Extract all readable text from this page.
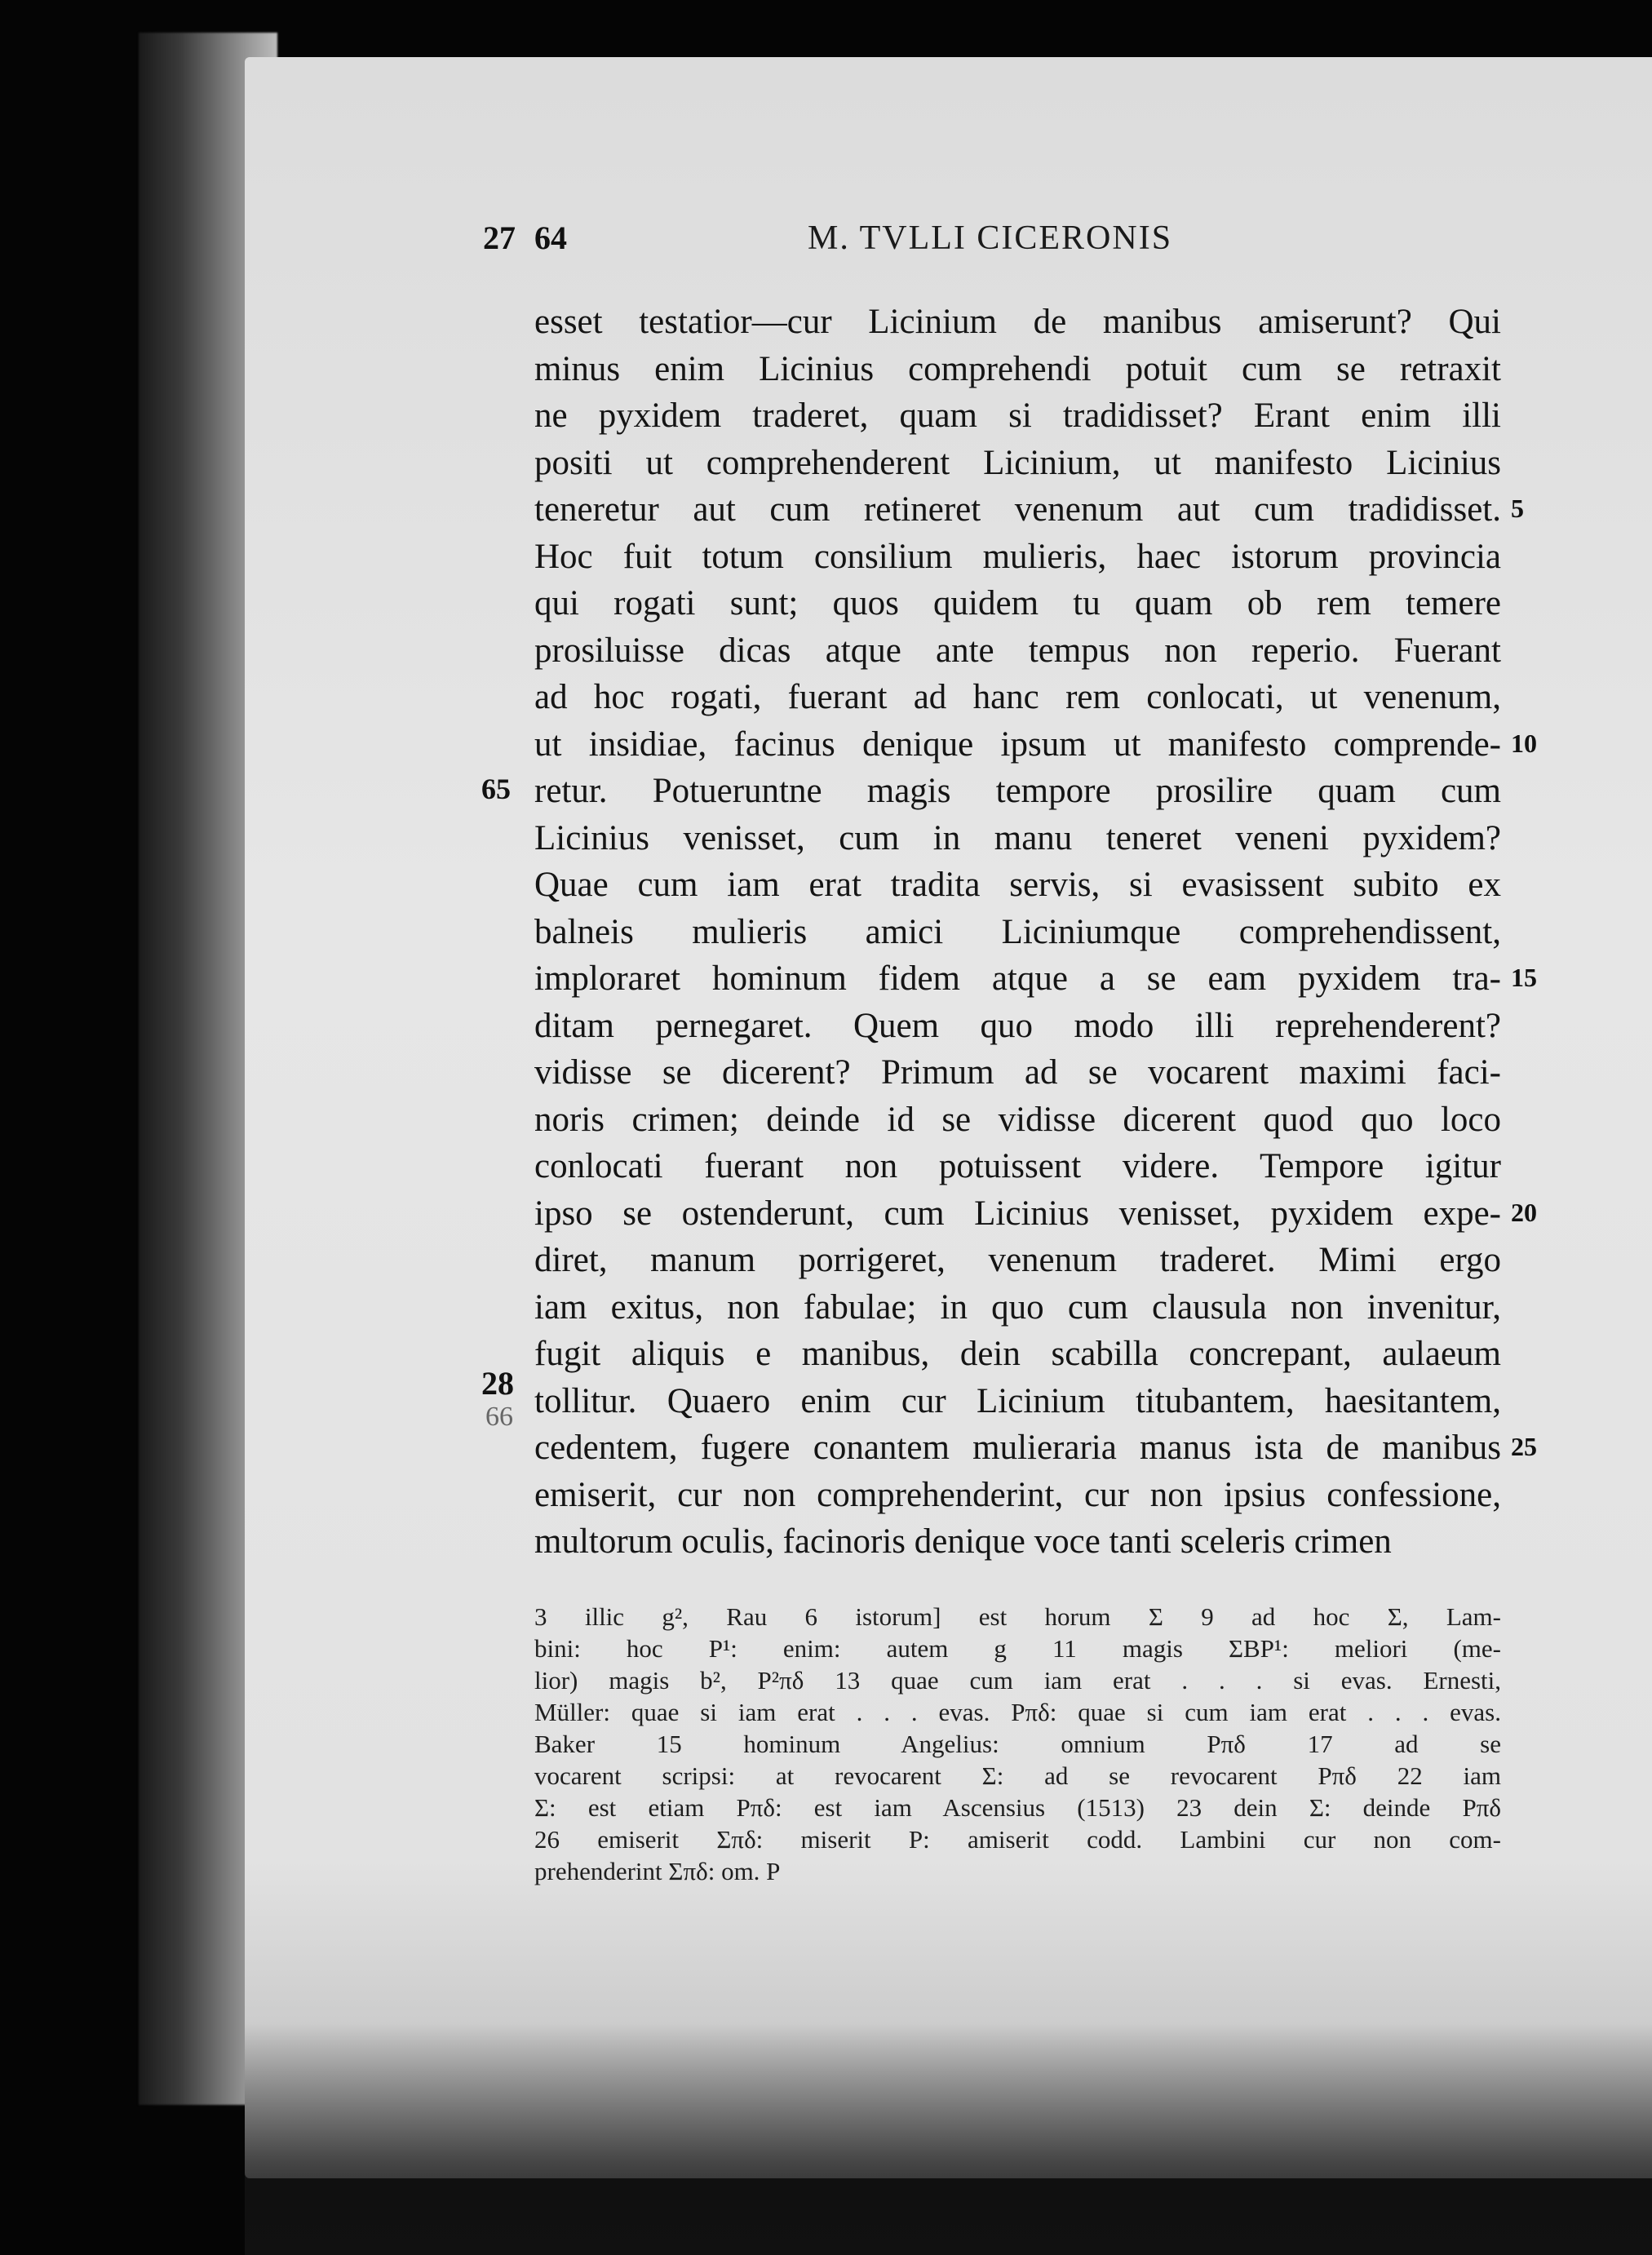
27 64	M. TVLLI CICERONIS
esset testatior—cur Licinium de manibus amiserunt? Qui
minus enim Licinius comprehendi potuit cum se retraxit
ne pyxidem traderet, quam si tradidisset? Erant enim illi
positi ut comprehenderent Licinium, ut manifesto Licinius
teneretur aut cum retineret venenum aut cum tradidisset.
Hoc fuit totum consilium mulieris, haec istorum provincia
qui rogati sunt; quos quidem tu quam ob rem temere
prosiluisse dicas atque ante tempus non reperio. Fuerant
ad hoc rogati, fuerant ad hanc rem conlocati, ut venenum,
ut insidiae, facinus denique ipsum ut manifesto comprende-
retur. Potueruntne magis tempore prosilire quam cum
Licinius venisset, cum in manu teneret veneni pyxidem?
Quae cum iam erat tradita servis, si evasissent subito ex
balneis mulieris amici Liciniumque comprehendissent,
imploraret hominum fidem atque a se eam pyxidem tra-
ditam pernegaret. Quem quo modo illi reprehenderent?
vidisse se dicerent? Primum ad se vocarent maximi faci-
noris crimen; deinde id se vidisse dicerent quod quo loco
conlocati fuerant non potuissent videre. Tempore igitur
ipso se ostenderunt, cum Licinius venisset, pyxidem expe-
diret, manum porrigeret, venenum traderet. Mimi ergo
iam exitus, non fabulae; in quo cum clausula non invenitur,
fugit aliquis e manibus, dein scabilla concrepant, aulaeum
tollitur. Quaero enim cur Licinium titubantem, haesitantem,
cedentem, fugere conantem mulieraria manus ista de manibus
emiserit, cur non comprehenderint, cur non ipsius confessione,
multorum oculis, facinoris denique voce tanti sceleris crimen
5
10
15
20
25
65
28
66
3 illic g², Rau 6 istorum] est horum Σ 9 ad hoc Σ, Lam-
bini: hoc P¹: enim: autem g 11 magis ΣBP¹: meliori (me-
lior) magis b², P²πδ 13 quae cum iam erat . . . si evas. Ernesti,
Müller: quae si iam erat . . . evas. Pπδ: quae si cum iam erat . . . evas.
Baker 15 hominum Angelius: omnium Pπδ 17 ad se
vocarent scripsi: at revocarent Σ: ad se revocarent Pπδ 22 iam
Σ: est etiam Pπδ: est iam Ascensius (1513) 23 dein Σ: deinde Pπδ
26 emiserit Σπδ: miserit P: amiserit codd. Lambini cur non com-
prehenderint Σπδ: om. P
